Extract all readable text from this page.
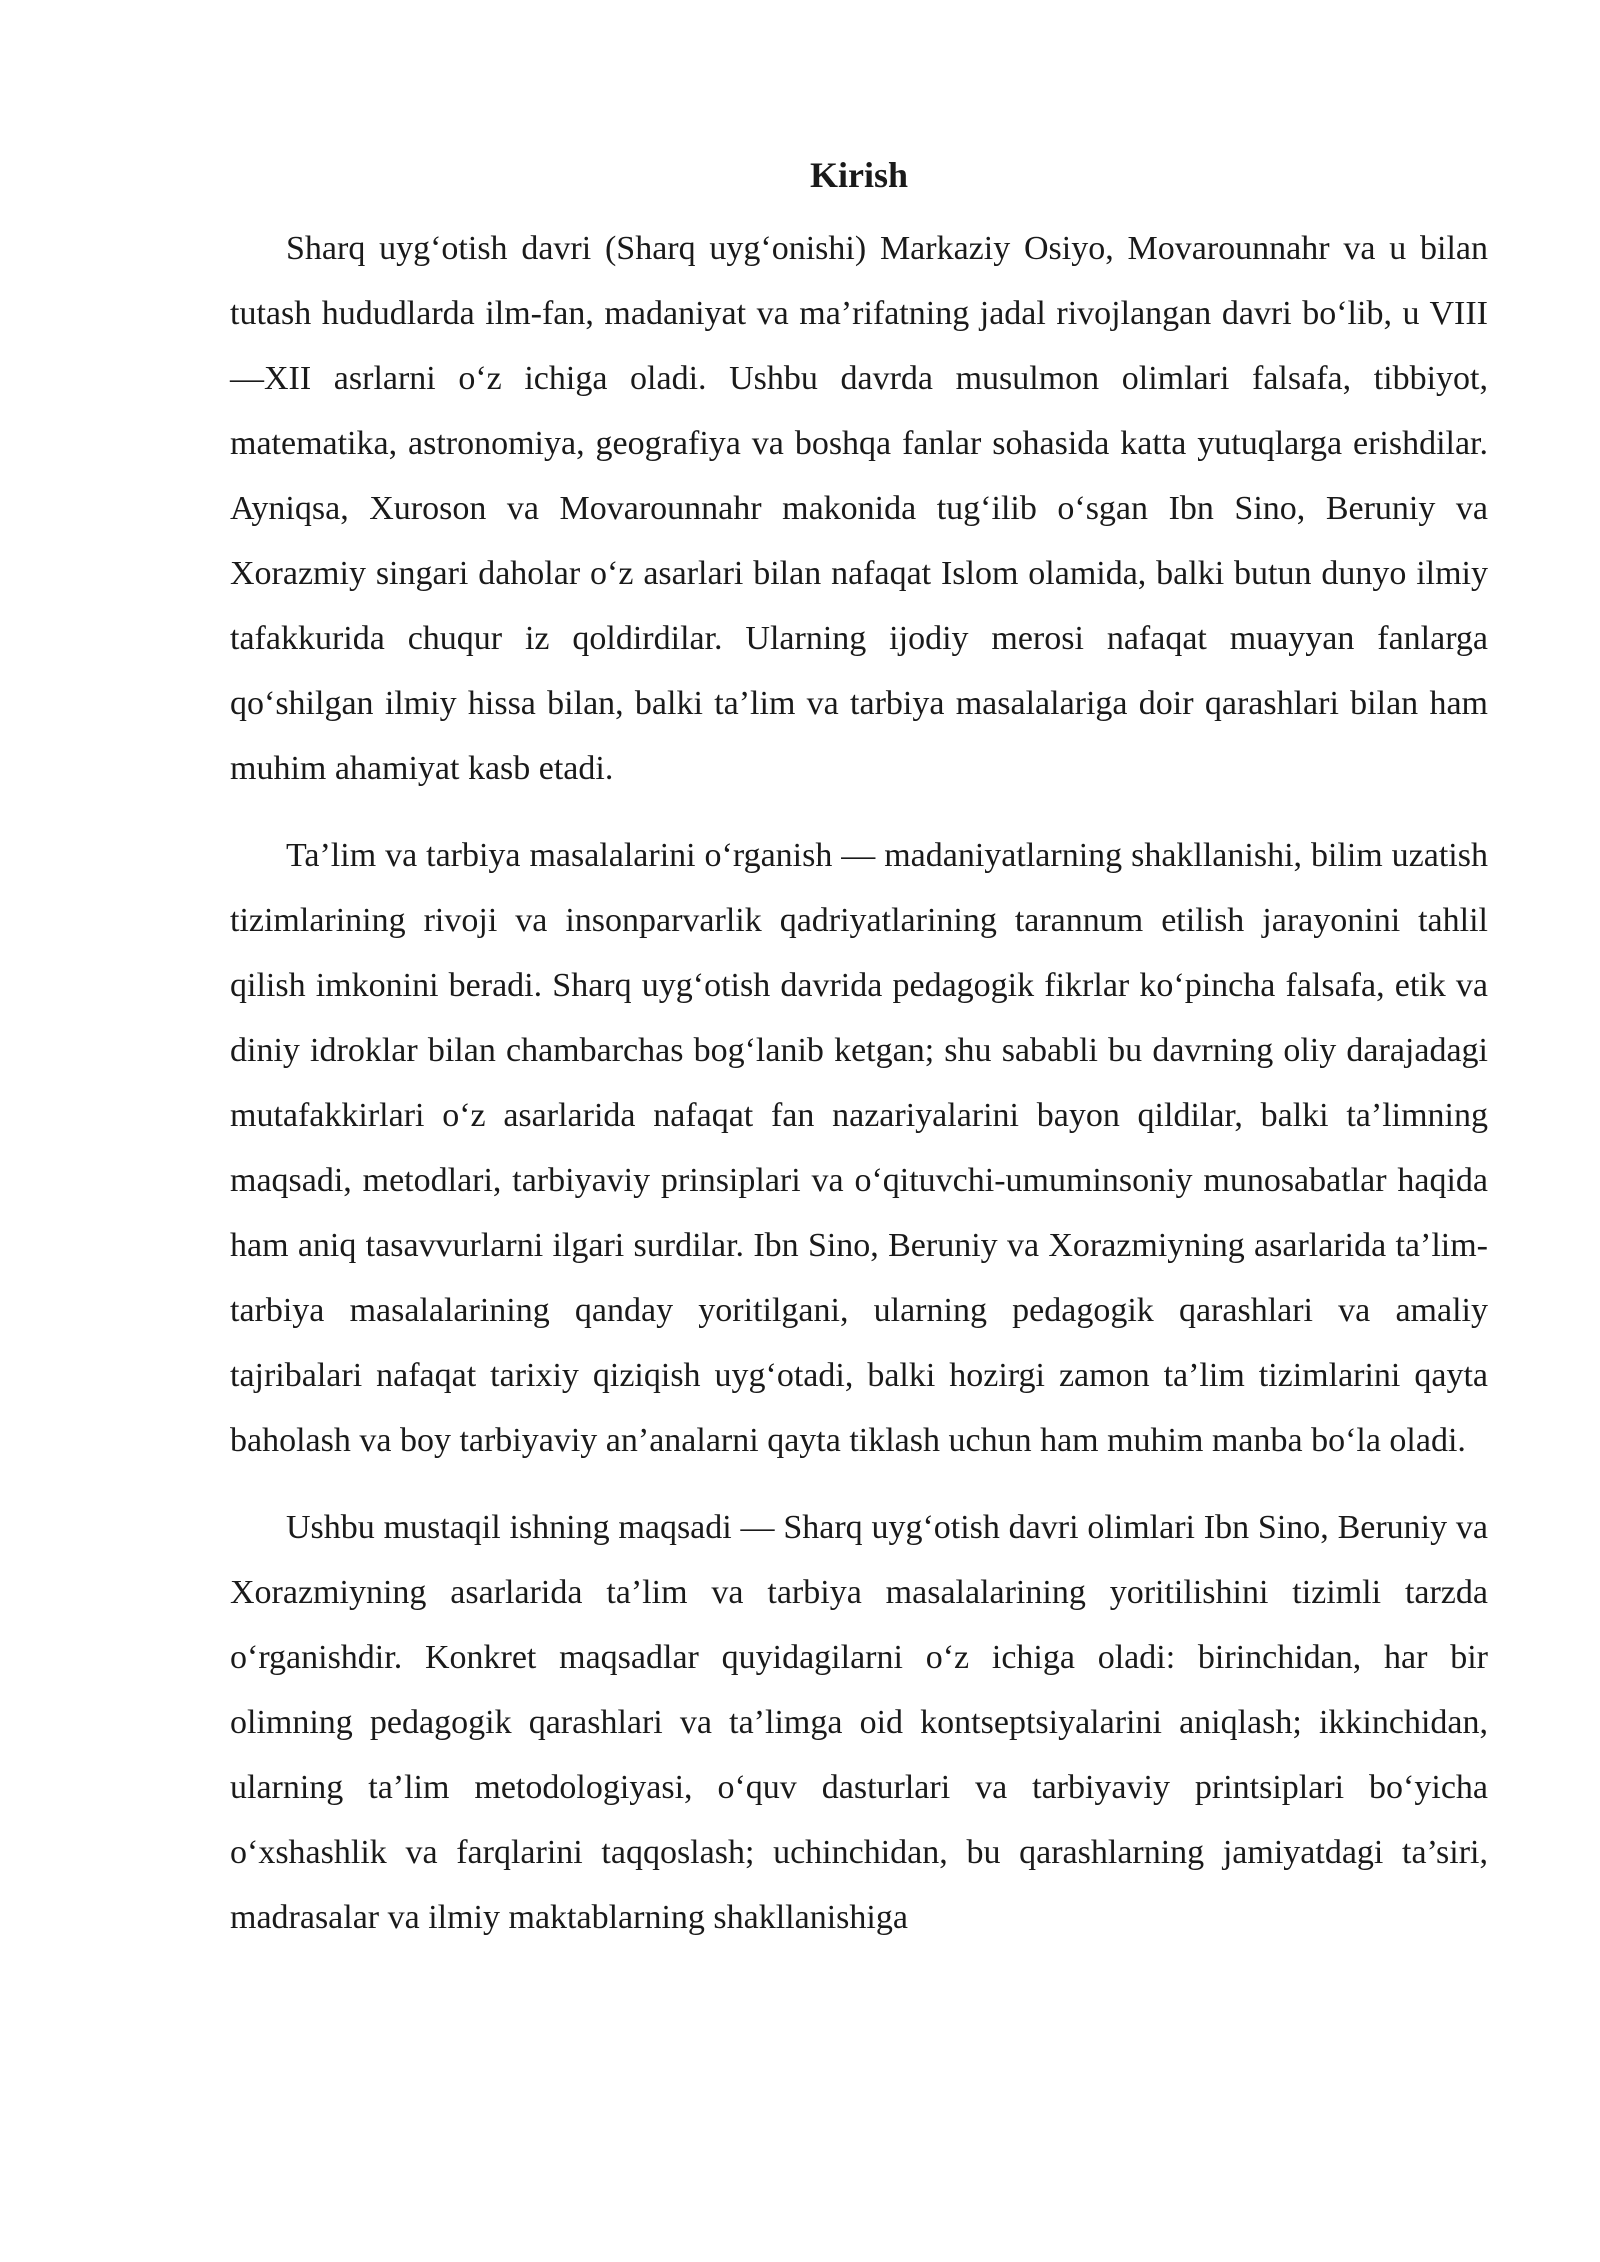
Kirish

Sharq uyg‘otish davri (Sharq uyg‘onishi) Markaziy Osiyo, Movarounnahr va u bilan tutash hududlarda ilm-fan, madaniyat va ma’rifatning jadal rivojlangan davri bo‘lib, u VIII—XII asrlarni o‘z ichiga oladi. Ushbu davrda musulmon olimlari falsafa, tibbiyot, matematika, astronomiya, geografiya va boshqa fanlar sohasida katta yutuqlarga erishdilar. Ayniqsa, Xuroson va Movarounnahr makonida tug‘ilib o‘sgan Ibn Sino, Beruniy va Xorazmiy singari daholar o‘z asarlari bilan nafaqat Islom olamida, balki butun dunyo ilmiy tafakkurida chuqur iz qoldirdilar. Ularning ijodiy merosi nafaqat muayyan fanlarga qo‘shilgan ilmiy hissa bilan, balki ta’lim va tarbiya masalalariga doir qarashlari bilan ham muhim ahamiyat kasb etadi.

Ta’lim va tarbiya masalalarini o‘rganish — madaniyatlarning shakllanishi, bilim uzatish tizimlarining rivoji va insonparvarlik qadriyatlarining tarannum etilish jarayonini tahlil qilish imkonini beradi. Sharq uyg‘otish davrida pedagogik fikrlar ko‘pincha falsafa, etik va diniy idroklar bilan chambarchas bog‘lanib ketgan; shu sababli bu davrning oliy darajadagi mutafakkirlari o‘z asarlarida nafaqat fan nazariyalarini bayon qildilar, balki ta’limning maqsadi, metodlari, tarbiyaviy prinsiplari va o‘qituvchi-umuminsoniy munosabatlar haqida ham aniq tasavvurlarni ilgari surdilar. Ibn Sino, Beruniy va Xorazmiyning asarlarida ta’lim-tarbiya masalalarining qanday yoritilgani, ularning pedagogik qarashlari va amaliy tajribalari nafaqat tarixiy qiziqish uyg‘otadi, balki hozirgi zamon ta’lim tizimlarini qayta baholash va boy tarbiyaviy an’analarni qayta tiklash uchun ham muhim manba bo‘la oladi.

Ushbu mustaqil ishning maqsadi — Sharq uyg‘otish davri olimlari Ibn Sino, Beruniy va Xorazmiyning asarlarida ta’lim va tarbiya masalalarining yoritilishini tizimli tarzda o‘rganishdir. Konkret maqsadlar quyidagilarni o‘z ichiga oladi: birinchidan, har bir olimning pedagogik qarashlari va ta’limga oid kontseptsiyalarini aniqlash; ikkinchidan, ularning ta’lim metodologiyasi, o‘quv dasturlari va tarbiyaviy printsiplari bo‘yicha o‘xshashlik va farqlarini taqqoslash; uchinchidan, bu qarashlarning jamiyatdagi ta’siri, madrasalar va ilmiy maktablarning shakllanishiga
